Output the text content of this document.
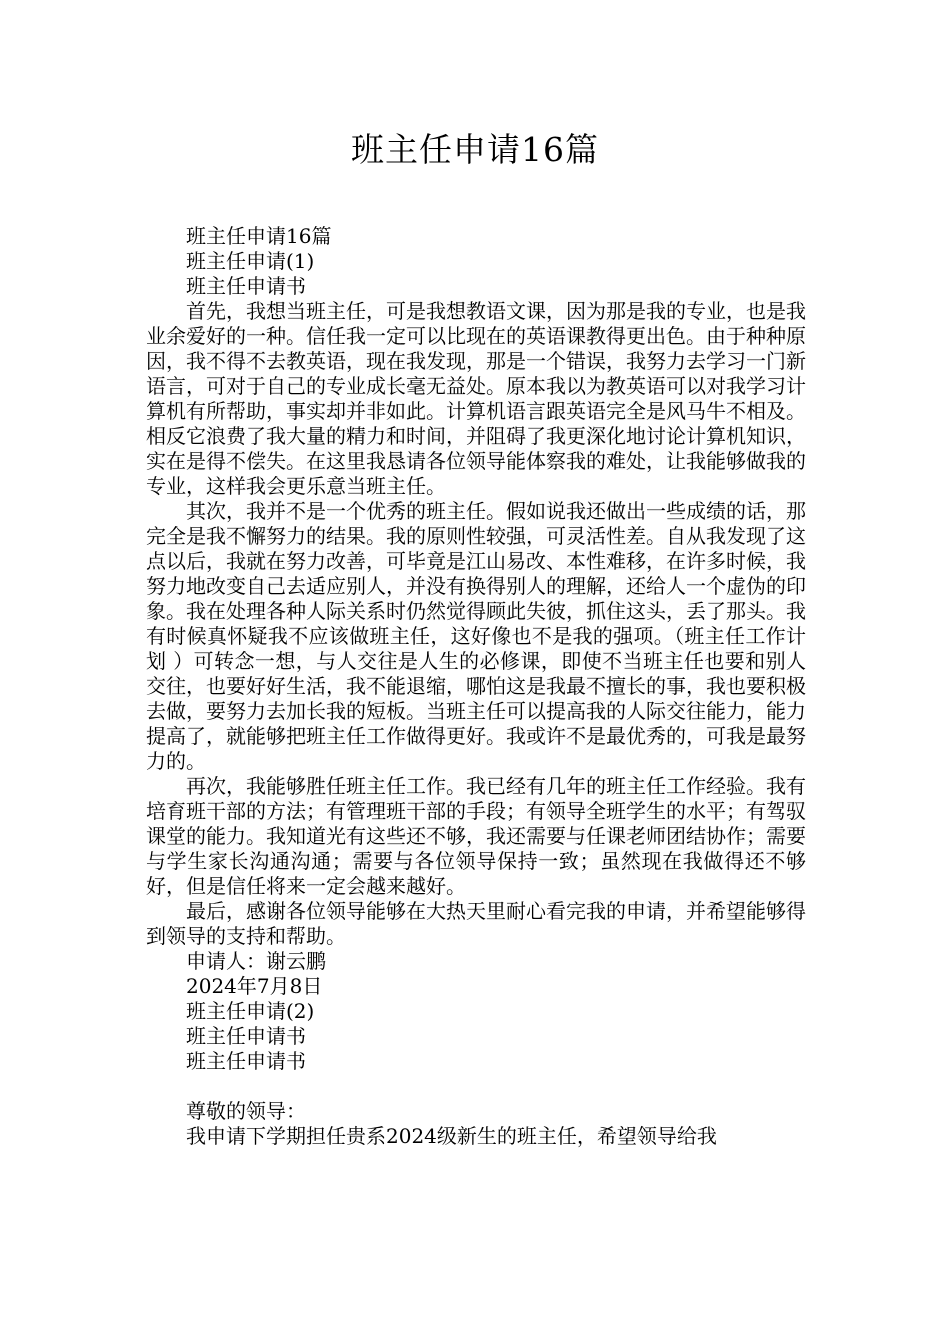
班主任申请16篇

班主任申请16篇

班主任申请(1)

班主任申请书

首先，我想当班主任，可是我想教语文课，因为那是我的专业，也是我业余爱好的一种。信任我一定可以比现在的英语课教得更出色。由于种种原因，我不得不去教英语，现在我发现，那是一个错误，我努力去学习一门新语言，可对于自己的专业成长毫无益处。原本我以为教英语可以对我学习计算机有所帮助，事实却并非如此。计算机语言跟英语完全是风马牛不相及。相反它浪费了我大量的精力和时间，并阻碍了我更深化地讨论计算机知识，实在是得不偿失。在这里我恳请各位领导能体察我的难处，让我能够做我的专业，这样我会更乐意当班主任。

其次，我并不是一个优秀的班主任。假如说我还做出一些成绩的话，那完全是我不懈努力的结果。我的原则性较强，可灵活性差。自从我发现了这点以后，我就在努力改善，可毕竟是江山易改、本性难移，在许多时候，我努力地改变自己去适应别人，并没有换得别人的理解，还给人一个虚伪的印象。我在处理各种人际关系时仍然觉得顾此失彼，抓住这头，丢了那头。我有时候真怀疑我不应该做班主任，这好像也不是我的强项。（班主任工作计划 ）可转念一想，与人交往是人生的必修课，即使不当班主任也要和别人交往，也要好好生活，我不能退缩，哪怕这是我最不擅长的事，我也要积极去做，要努力去加长我的短板。当班主任可以提高我的人际交往能力，能力提高了，就能够把班主任工作做得更好。我或许不是最优秀的，可我是最努力的。

再次，我能够胜任班主任工作。我已经有几年的班主任工作经验。我有培育班干部的方法；有管理班干部的手段；有领导全班学生的水平；有驾驭课堂的能力。我知道光有这些还不够，我还需要与任课老师团结协作；需要与学生家长沟通沟通；需要与各位领导保持一致；虽然现在我做得还不够好，但是信任将来一定会越来越好。

最后，感谢各位领导能够在大热天里耐心看完我的申请，并希望能够得到领导的支持和帮助。

申请人：谢云鹏

2024年7月8日

班主任申请(2)

班主任申请书

班主任申请书

尊敬的领导：

我申请下学期担任贵系2024级新生的班主任，希望领导给我
